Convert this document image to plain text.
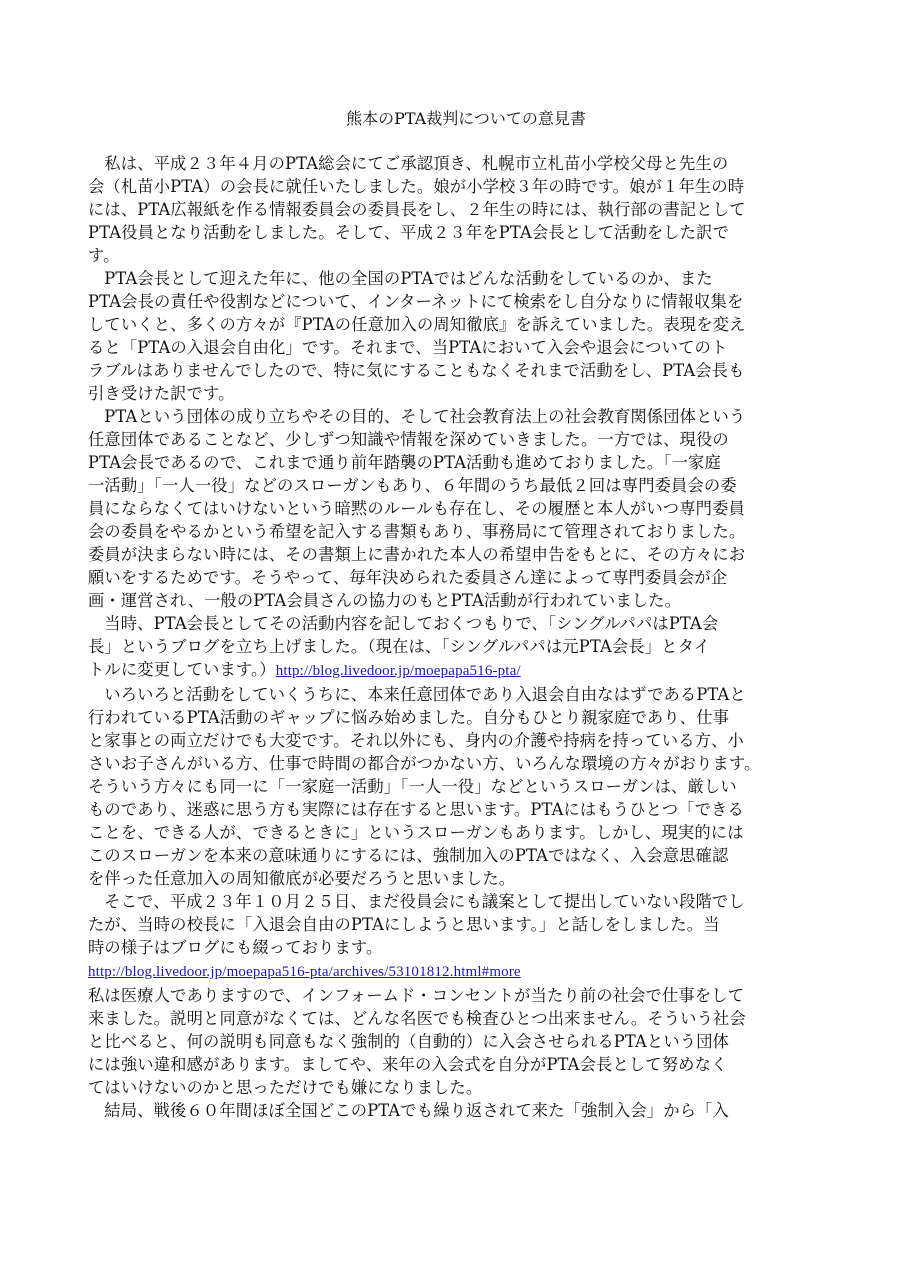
熊本のPTA裁判についての意見書

私は、平成２３年４月のPTA総会にてご承認頂き、札幌市立札苗小学校父母と先生の
会（札苗小PTA）の会長に就任いたしました。娘が小学校３年の時です。娘が１年生の時
には、PTA広報紙を作る情報委員会の委員長をし、２年生の時には、執行部の書記として
PTA役員となり活動をしました。そして、平成２３年をPTA会長として活動をした訳で
す。

PTA会長として迎えた年に、他の全国のPTAではどんな活動をしているのか、また
PTA会長の責任や役割などについて、インターネットにて検索をし自分なりに情報収集を
していくと、多くの方々が『PTAの任意加入の周知徹底』を訴えていました。表現を変え
ると「PTAの入退会自由化」です。それまで、当PTAにおいて入会や退会についてのト
ラブルはありませんでしたので、特に気にすることもなくそれまで活動をし、PTA会長も
引き受けた訳です。

PTAという団体の成り立ちやその目的、そして社会教育法上の社会教育関係団体という
任意団体であることなど、少しずつ知識や情報を深めていきました。一方では、現役の
PTA会長であるので、これまで通り前年踏襲のPTA活動も進めておりました。「一家庭
一活動」「一人一役」などのスローガンもあり、６年間のうち最低２回は専門委員会の委
員にならなくてはいけないという暗黙のルールも存在し、その履歴と本人がいつ専門委員
会の委員をやるかという希望を記入する書類もあり、事務局にて管理されておりました。
委員が決まらない時には、その書類上に書かれた本人の希望申告をもとに、その方々にお
願いをするためです。そうやって、毎年決められた委員さん達によって専門委員会が企
画・運営され、一般のPTA会員さんの協力のもとPTA活動が行われていました。

当時、PTA会長としてその活動内容を記しておくつもりで、「シングルパパはPTA会
長」というブログを立ち上げました。（現在は、「シングルパパは元PTA会長」とタイ
トルに変更しています。）http://blog.livedoor.jp/moepapa516-pta/

いろいろと活動をしていくうちに、本来任意団体であり入退会自由なはずであるPTAと
行われているPTA活動のギャップに悩み始めました。自分もひとり親家庭であり、仕事
と家事との両立だけでも大変です。それ以外にも、身内の介護や持病を持っている方、小
さいお子さんがいる方、仕事で時間の都合がつかない方、いろんな環境の方々がおります。
そういう方々にも同一に「一家庭一活動」「一人一役」などというスローガンは、厳しい
ものであり、迷惑に思う方も実際には存在すると思います。PTAにはもうひとつ「できる
ことを、できる人が、できるときに」というスローガンもあります。しかし、現実的には
このスローガンを本来の意味通りにするには、強制加入のPTAではなく、入会意思確認
を伴った任意加入の周知徹底が必要だろうと思いました。

そこで、平成２３年１０月２５日、まだ役員会にも議案として提出していない段階でし
たが、当時の校長に「入退会自由のPTAにしようと思います。」と話しをしました。当
時の様子はブログにも綴っております。

http://blog.livedoor.jp/moepapa516-pta/archives/53101812.html#more

私は医療人でありますので、インフォームド・コンセントが当たり前の社会で仕事をして
来ました。説明と同意がなくては、どんな名医でも検査ひとつ出来ません。そういう社会
と比べると、何の説明も同意もなく強制的（自動的）に入会させられるPTAという団体
には強い違和感があります。ましてや、来年の入会式を自分がPTA会長として努めなく
てはいけないのかと思っただけでも嫌になりました。

結局、戦後６０年間ほぼ全国どこのPTAでも繰り返されて来た「強制入会」から「入
